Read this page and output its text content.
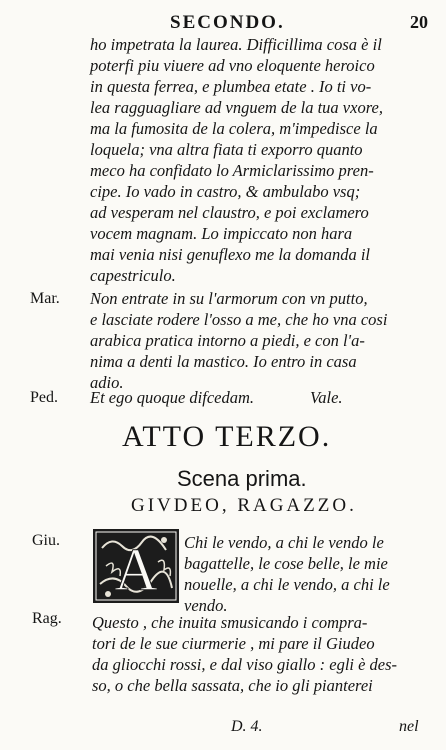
SECONDO.	20
ho impetrata la laurea. Difficillima cosa è il
poterfi piu viuere ad vno eloquente heroico
in questa ferrea, e plumbea etate . Io ti vo-
lea ragguagliare ad vnguem de la tua vxore,
ma la fumosita de la colera, m'impedisce la
loquela; vna altra fiata ti exporro quanto
meco ha confidato lo Armiclarissimo pren-
cipe. Io vado in castro, & ambulabo vsq;
ad vesperam nel claustro, e poi exclamero
vocem magnam. Lo impiccato non hara
mai venia nisi genuflexo me la domanda il
capestriculo.
Mar. Non entrate in su l'armorum con vn putto,
e lasciate rodere l'osso a me, che ho vna cosi
arabica pratica intorno a piedi, e con l'a-
nima a denti la mastico. Io entro in casa
adio.
Ped. Et ego quoque difcedam.	Vale.
ATTO TERZO.
Scena prima.
GIVDEO, RAGAZZO.
Giu. A Chi le vendo, a chi le vendo le
bagattelle, le cose belle, le mie
nouelle, a chi le vendo, a chi le
vendo.
Rag. Questo , che inuita smusicando i compra-
tori de le sue ciurmerie , mi pare il Giudeo
da gliocchi rossi, e dal viso giallo : egli è des-
so, o che bella sassata, che io gli pianterei
D. 4.	nel
